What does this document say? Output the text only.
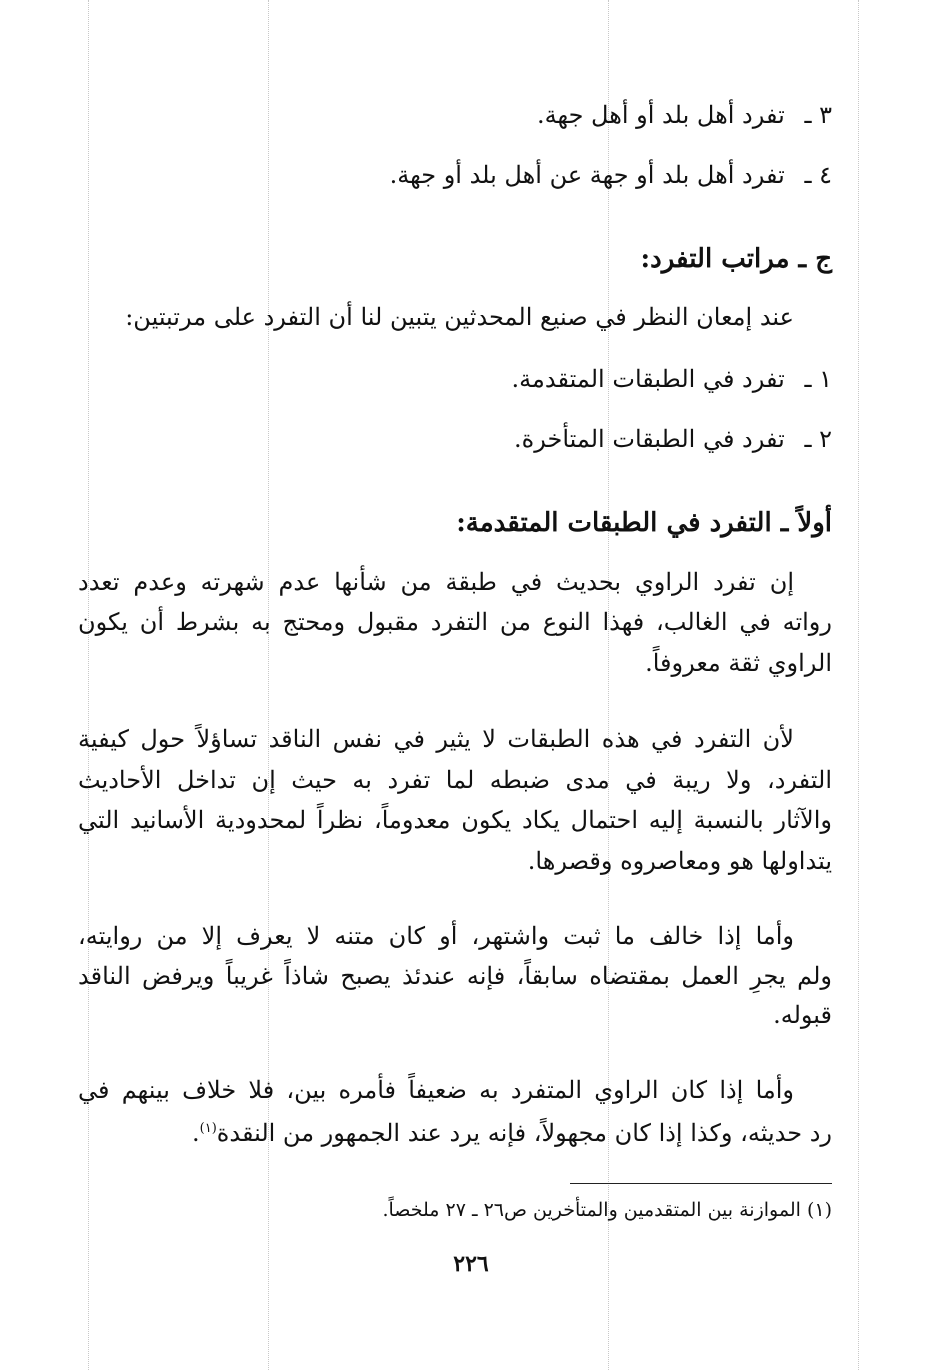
٣ ـ تفرد أهل بلد أو أهل جهة.
٤ ـ تفرد أهل بلد أو جهة عن أهل بلد أو جهة.
ج ـ مراتب التفرد:
عند إمعان النظر في صنيع المحدثين يتبين لنا أن التفرد على مرتبتين:
١ ـ تفرد في الطبقات المتقدمة.
٢ ـ تفرد في الطبقات المتأخرة.
أولاً ـ التفرد في الطبقات المتقدمة:
إن تفرد الراوي بحديث في طبقة من شأنها عدم شهرته وعدم تعدد
رواته في الغالب، فهذا النوع من التفرد مقبول ومحتج به بشرط أن يكون
الراوي ثقة معروفاً.
لأن التفرد في هذه الطبقات لا يثير في نفس الناقد تساؤلاً حول كيفية
التفرد، ولا ريبة في مدى ضبطه لما تفرد به حيث إن تداخل الأحاديث
والآثار بالنسبة إليه احتمال يكاد يكون معدوماً، نظراً لمحدودية الأسانيد التي
يتداولها هو ومعاصروه وقصرها.
وأما إذا خالف ما ثبت واشتهر، أو كان متنه لا يعرف إلا من روايته،
ولم يجرِ العمل بمقتضاه سابقاً، فإنه عندئذ يصبح شاذاً غريباً ويرفض الناقد
قبوله.
وأما إذا كان الراوي المتفرد به ضعيفاً فأمره بين، فلا خلاف بينهم في
رد حديثه، وكذا إذا كان مجهولاً، فإنه يرد عند الجمهور من النقدة$^{(١)}$.
(١) الموازنة بين المتقدمين والمتأخرين ص٢٦ ـ ٢٧ ملخصاً.
٢٢٦
